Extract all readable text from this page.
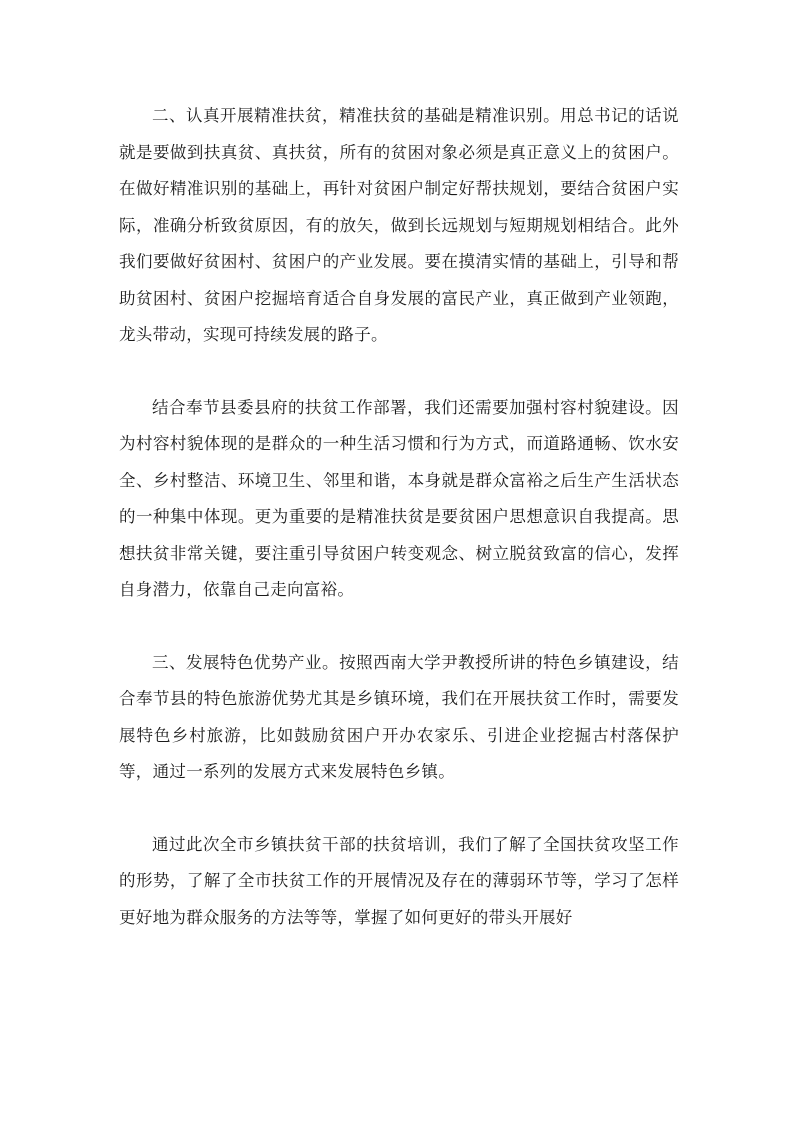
二、认真开展精准扶贫，精准扶贫的基础是精准识别。用总书记的话说就是要做到扶真贫、真扶贫，所有的贫困对象必须是真正意义上的贫困户。在做好精准识别的基础上，再针对贫困户制定好帮扶规划，要结合贫困户实际，准确分析致贫原因，有的放矢，做到长远规划与短期规划相结合。此外我们要做好贫困村、贫困户的产业发展。要在摸清实情的基础上，引导和帮助贫困村、贫困户挖掘培育适合自身发展的富民产业，真正做到产业领跑，龙头带动，实现可持续发展的路子。

结合奉节县委县府的扶贫工作部署，我们还需要加强村容村貌建设。因为村容村貌体现的是群众的一种生活习惯和行为方式，而道路通畅、饮水安全、乡村整洁、环境卫生、邻里和谐，本身就是群众富裕之后生产生活状态的一种集中体现。更为重要的是精准扶贫是要贫困户思想意识自我提高。思想扶贫非常关键，要注重引导贫困户转变观念、树立脱贫致富的信心，发挥自身潜力，依靠自己走向富裕。

三、发展特色优势产业。按照西南大学尹教授所讲的特色乡镇建设，结合奉节县的特色旅游优势尤其是乡镇环境，我们在开展扶贫工作时，需要发展特色乡村旅游，比如鼓励贫困户开办农家乐、引进企业挖掘古村落保护等，通过一系列的发展方式来发展特色乡镇。

通过此次全市乡镇扶贫干部的扶贫培训，我们了解了全国扶贫攻坚工作的形势，了解了全市扶贫工作的开展情况及存在的薄弱环节等，学习了怎样更好地为群众服务的方法等等，掌握了如何更好的带头开展好
